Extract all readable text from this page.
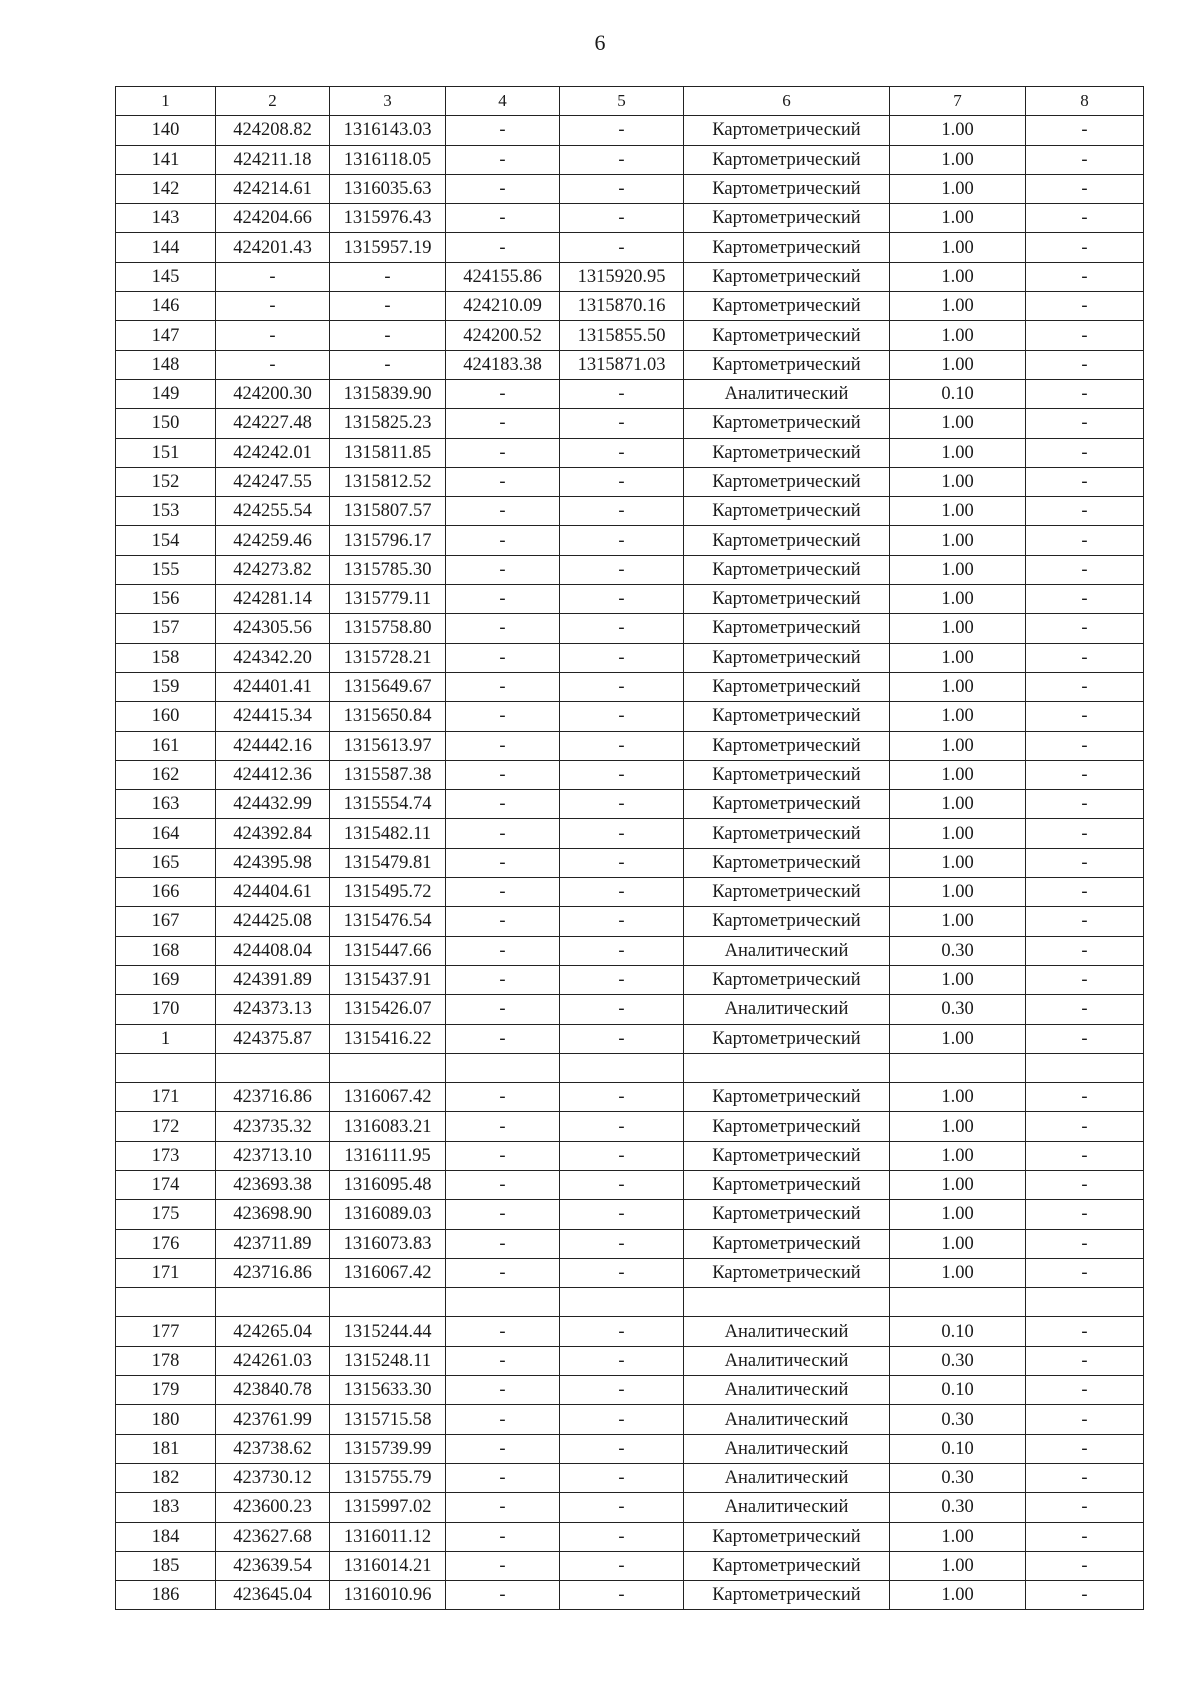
6
1	2	3	4	5	6	7	8
140	424208.82	1316143.03	-	-	Картометрический	1.00	-
141	424211.18	1316118.05	-	-	Картометрический	1.00	-
142	424214.61	1316035.63	-	-	Картометрический	1.00	-
143	424204.66	1315976.43	-	-	Картометрический	1.00	-
144	424201.43	1315957.19	-	-	Картометрический	1.00	-
145	-	-	424155.86	1315920.95	Картометрический	1.00	-
146	-	-	424210.09	1315870.16	Картометрический	1.00	-
147	-	-	424200.52	1315855.50	Картометрический	1.00	-
148	-	-	424183.38	1315871.03	Картометрический	1.00	-
149	424200.30	1315839.90	-	-	Аналитический	0.10	-
150	424227.48	1315825.23	-	-	Картометрический	1.00	-
151	424242.01	1315811.85	-	-	Картометрический	1.00	-
152	424247.55	1315812.52	-	-	Картометрический	1.00	-
153	424255.54	1315807.57	-	-	Картометрический	1.00	-
154	424259.46	1315796.17	-	-	Картометрический	1.00	-
155	424273.82	1315785.30	-	-	Картометрический	1.00	-
156	424281.14	1315779.11	-	-	Картометрический	1.00	-
157	424305.56	1315758.80	-	-	Картометрический	1.00	-
158	424342.20	1315728.21	-	-	Картометрический	1.00	-
159	424401.41	1315649.67	-	-	Картометрический	1.00	-
160	424415.34	1315650.84	-	-	Картометрический	1.00	-
161	424442.16	1315613.97	-	-	Картометрический	1.00	-
162	424412.36	1315587.38	-	-	Картометрический	1.00	-
163	424432.99	1315554.74	-	-	Картометрический	1.00	-
164	424392.84	1315482.11	-	-	Картометрический	1.00	-
165	424395.98	1315479.81	-	-	Картометрический	1.00	-
166	424404.61	1315495.72	-	-	Картометрический	1.00	-
167	424425.08	1315476.54	-	-	Картометрический	1.00	-
168	424408.04	1315447.66	-	-	Аналитический	0.30	-
169	424391.89	1315437.91	-	-	Картометрический	1.00	-
170	424373.13	1315426.07	-	-	Аналитический	0.30	-
1	424375.87	1315416.22	-	-	Картометрический	1.00	-

171	423716.86	1316067.42	-	-	Картометрический	1.00	-
172	423735.32	1316083.21	-	-	Картометрический	1.00	-
173	423713.10	1316111.95	-	-	Картометрический	1.00	-
174	423693.38	1316095.48	-	-	Картометрический	1.00	-
175	423698.90	1316089.03	-	-	Картометрический	1.00	-
176	423711.89	1316073.83	-	-	Картометрический	1.00	-
171	423716.86	1316067.42	-	-	Картометрический	1.00	-

177	424265.04	1315244.44	-	-	Аналитический	0.10	-
178	424261.03	1315248.11	-	-	Аналитический	0.30	-
179	423840.78	1315633.30	-	-	Аналитический	0.10	-
180	423761.99	1315715.58	-	-	Аналитический	0.30	-
181	423738.62	1315739.99	-	-	Аналитический	0.10	-
182	423730.12	1315755.79	-	-	Аналитический	0.30	-
183	423600.23	1315997.02	-	-	Аналитический	0.30	-
184	423627.68	1316011.12	-	-	Картометрический	1.00	-
185	423639.54	1316014.21	-	-	Картометрический	1.00	-
186	423645.04	1316010.96	-	-	Картометрический	1.00	-
